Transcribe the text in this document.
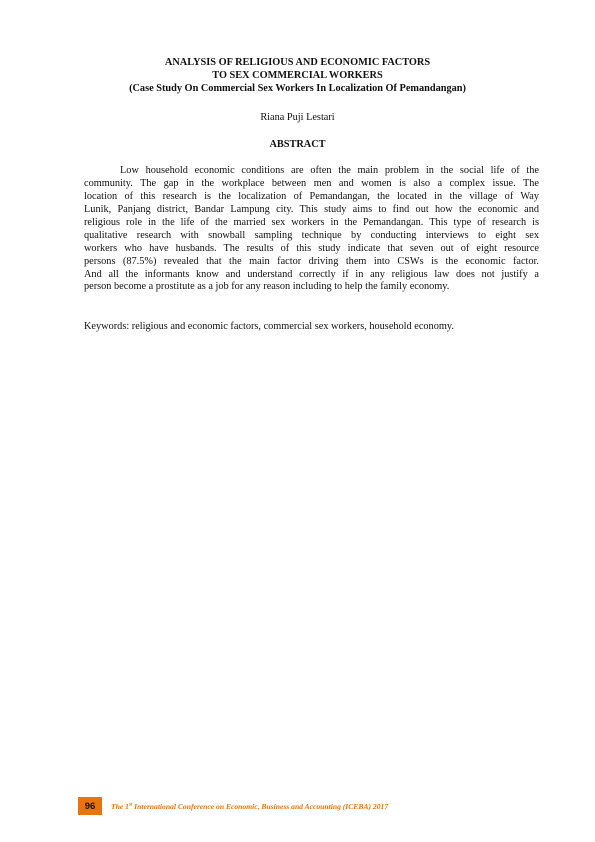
ANALYSIS OF RELIGIOUS AND ECONOMIC FACTORS
TO SEX COMMERCIAL WORKERS
(Case Study On Commercial Sex Workers In Localization Of Pemandangan)
Riana Puji Lestari
ABSTRACT
Low household economic conditions are often the main problem in the social life of the
community. The gap in the workplace between men and women is also a complex issue. The
location of this research is the localization of Pemandangan, the located in the village of Way
Lunik, Panjang district, Bandar Lampung city. This study aims to find out how the economic and
religious role in the life of the married sex workers in the Pemandangan. This type of research is
qualitative research with snowball sampling technique by conducting interviews to eight sex
workers who have husbands. The results of this study indicate that seven out of eight resource
persons (87.5%) revealed that the main factor driving them into CSWs is the economic factor.
And all the informants know and understand correctly if in any religious law does not justify a
person become a prostitute as a job for any reason including to help the family economy.
Keywords: religious and economic factors, commercial sex workers, household economy.
96	The 1st International Conference on Economic, Business and Accounting (ICEBA) 2017
